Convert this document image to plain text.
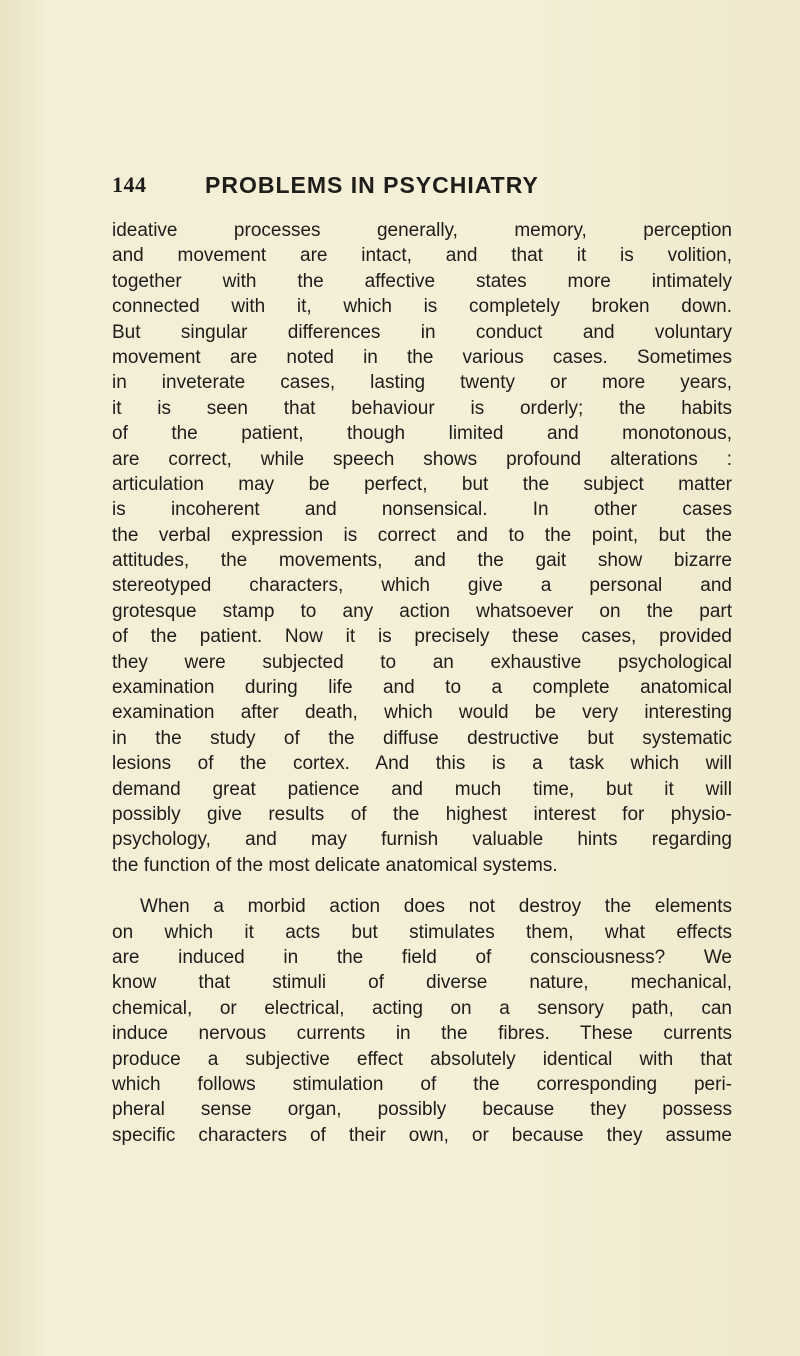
144	PROBLEMS IN PSYCHIATRY
ideative processes generally, memory, perception
and movement are intact, and that it is volition,
together with the affective states more intimately
connected with it, which is completely broken down.
But singular differences in conduct and voluntary
movement are noted in the various cases. Sometimes
in inveterate cases, lasting twenty or more years,
it is seen that behaviour is orderly; the habits
of the patient, though limited and monotonous,
are correct, while speech shows profound alterations :
articulation may be perfect, but the subject matter
is incoherent and nonsensical. In other cases
the verbal expression is correct and to the point, but the
attitudes, the movements, and the gait show bizarre
stereotyped characters, which give a personal and
grotesque stamp to any action whatsoever on the part
of the patient. Now it is precisely these cases, provided
they were subjected to an exhaustive psychological
examination during life and to a complete anatomical
examination after death, which would be very interesting
in the study of the diffuse destructive but systematic
lesions of the cortex. And this is a task which will
demand great patience and much time, but it will
possibly give results of the highest interest for physio-
psychology, and may furnish valuable hints regarding
the function of the most delicate anatomical systems.
When a morbid action does not destroy the elements
on which it acts but stimulates them, what effects
are induced in the field of consciousness? We
know that stimuli of diverse nature, mechanical,
chemical, or electrical, acting on a sensory path, can
induce nervous currents in the fibres. These currents
produce a subjective effect absolutely identical with that
which follows stimulation of the corresponding peri-
pheral sense organ, possibly because they possess
specific characters of their own, or because they assume
